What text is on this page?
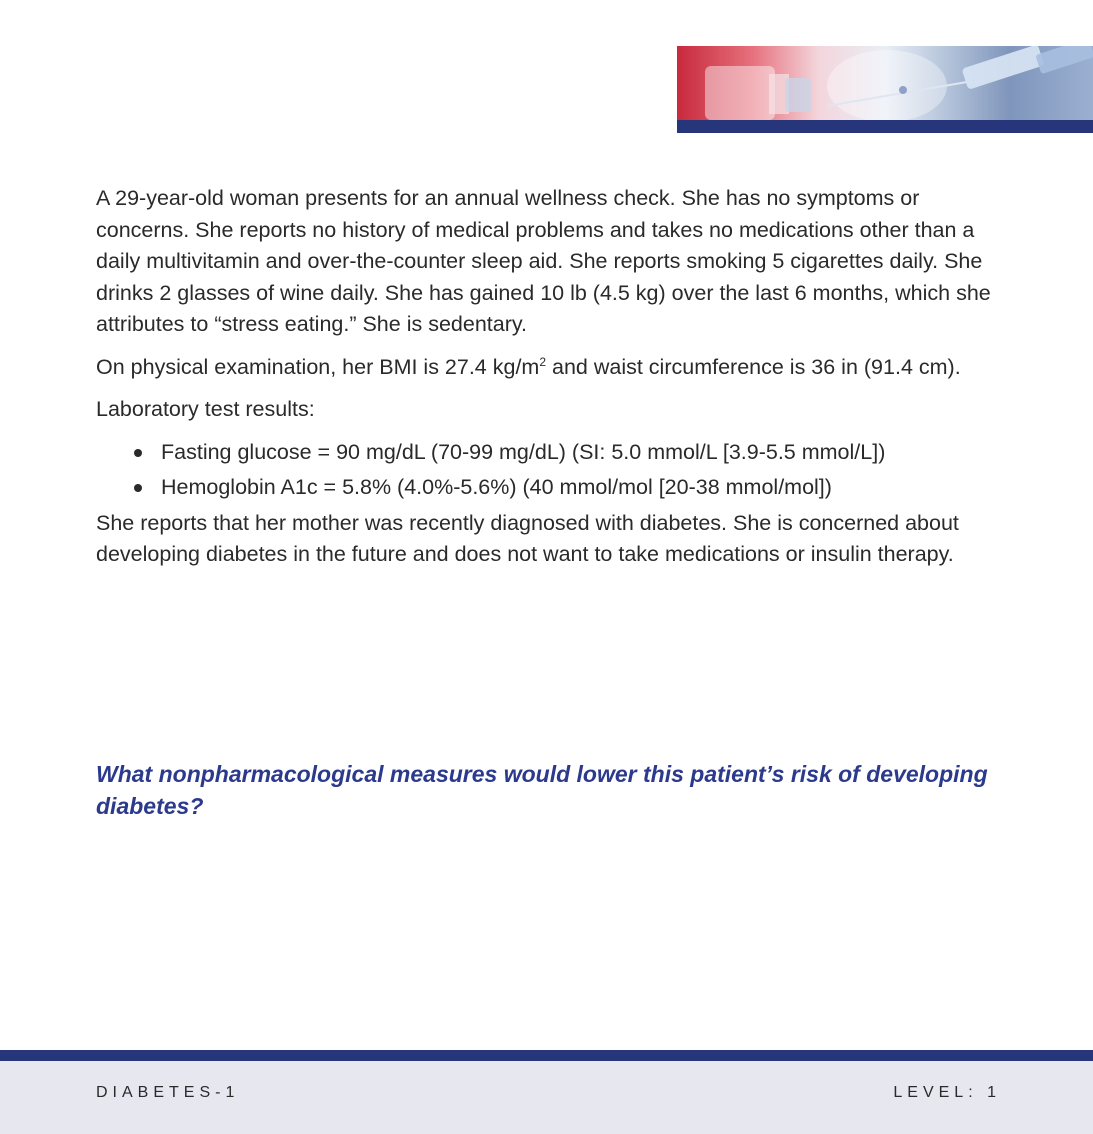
A 29-year-old woman presents for an annual wellness check. She has no symptoms or concerns. She reports no history of medical problems and takes no medications other than a daily multivitamin and over-the-counter sleep aid. She reports smoking 5 cigarettes daily. She drinks 2 glasses of wine daily. She has gained 10 lb (4.5 kg) over the last 6 months, which she attributes to “stress eating.” She is sedentary.

On physical examination, her BMI is 27.4 $kg/m^2$ and waist circumference is 36 in (91.4 cm).

Laboratory test results:

Fasting glucose = 90 mg/dL (70-99 mg/dL) (SI: 5.0 mmol/L [3.9-5.5 mmol/L])
Hemoglobin A1c = 5.8% (4.0%-5.6%) (40 mmol/mol [20-38 mmol/mol])

She reports that her mother was recently diagnosed with diabetes. She is concerned about developing diabetes in the future and does not want to take medications or insulin therapy.

What nonpharmacological measures would lower this patient’s risk of developing diabetes?
DIABETES-1	LEVEL: 1
